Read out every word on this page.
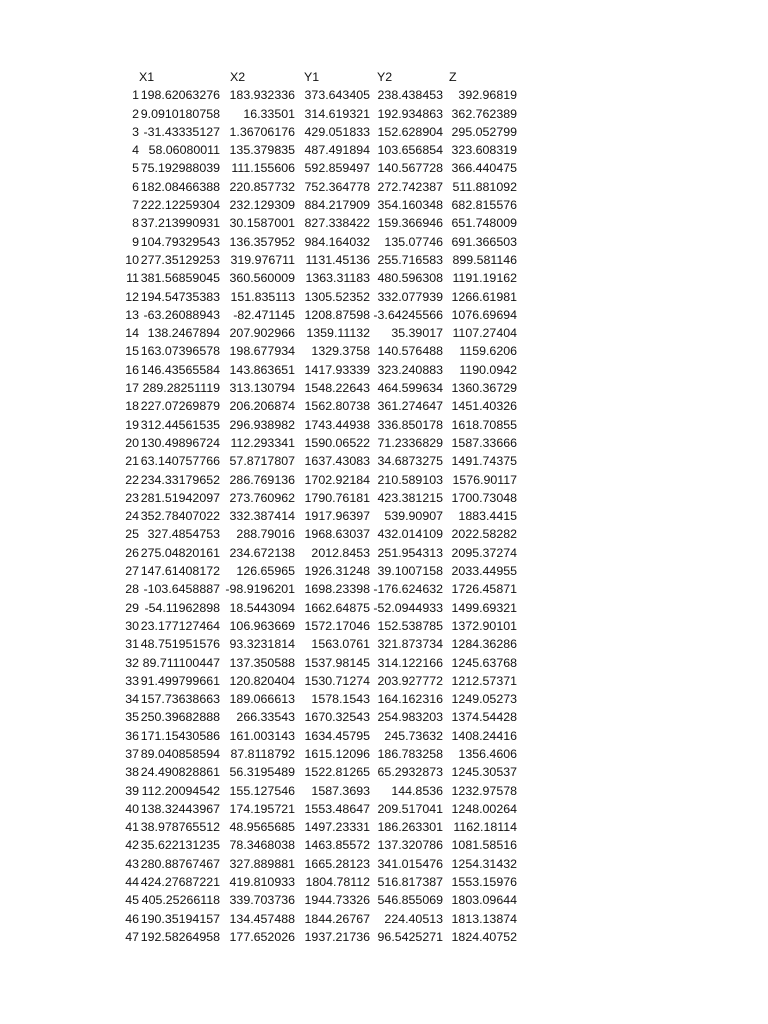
	X1	X2	Y1	Y2	Z
1	198.62063276	183.932336	373.643405	238.438453	392.96819
2	9.0910180758	16.33501	314.619321	192.934863	362.762389
3	-31.43335127	1.36706176	429.051833	152.628904	295.052799
4	58.06080011	135.379835	487.491894	103.656854	323.608319
5	75.192988039	111.155606	592.859497	140.567728	366.440475
6	182.08466388	220.857732	752.364778	272.742387	511.881092
7	222.12259304	232.129309	884.217909	354.160348	682.815576
8	37.213990931	30.1587001	827.338422	159.366946	651.748009
9	104.79329543	136.357952	984.164032	135.07746	691.366503
10	277.35129253	319.976711	1131.45136	255.716583	899.581146
11	381.56859045	360.560009	1363.31183	480.596308	1191.19162
12	194.54735383	151.835113	1305.52352	332.077939	1266.61981
13	-63.26088943	-82.471145	1208.87598	-3.64245566	1076.69694
14	138.2467894	207.902966	1359.11132	35.39017	1107.27404
15	163.07396578	198.677934	1329.3758	140.576488	1159.6206
16	146.43565584	143.863651	1417.93339	323.240883	1190.0942
17	289.28251119	313.130794	1548.22643	464.599634	1360.36729
18	227.07269879	206.206874	1562.80738	361.274647	1451.40326
19	312.44561535	296.938982	1743.44938	336.850178	1618.70855
20	130.49896724	112.293341	1590.06522	71.2336829	1587.33666
21	63.140757766	57.8717807	1637.43083	34.6873275	1491.74375
22	234.33179652	286.769136	1702.92184	210.589103	1576.90117
23	281.51942097	273.760962	1790.76181	423.381215	1700.73048
24	352.78407022	332.387414	1917.96397	539.90907	1883.4415
25	327.4854753	288.79016	1968.63037	432.014109	2022.58282
26	275.04820161	234.672138	2012.8453	251.954313	2095.37274
27	147.61408172	126.65965	1926.31248	39.1007158	2033.44955
28	-103.6458887	-98.9196201	1698.23398	-176.624632	1726.45871
29	-54.11962898	18.5443094	1662.64875	-52.0944933	1499.69321
30	23.177127464	106.963669	1572.17046	152.538785	1372.90101
31	48.751951576	93.3231814	1563.0761	321.873734	1284.36286
32	89.711100447	137.350588	1537.98145	314.122166	1245.63768
33	91.499799661	120.820404	1530.71274	203.927772	1212.57371
34	157.73638663	189.066613	1578.1543	164.162316	1249.05273
35	250.39682888	266.33543	1670.32543	254.983203	1374.54428
36	171.15430586	161.003143	1634.45795	245.73632	1408.24416
37	89.040858594	87.8118792	1615.12096	186.783258	1356.4606
38	24.490828861	56.3195489	1522.81265	65.2932873	1245.30537
39	112.20094542	155.127546	1587.3693	144.8536	1232.97578
40	138.32443967	174.195721	1553.48647	209.517041	1248.00264
41	38.978765512	48.9565685	1497.23331	186.263301	1162.18114
42	35.622131235	78.3468038	1463.85572	137.320786	1081.58516
43	280.88767467	327.889881	1665.28123	341.015476	1254.31432
44	424.27687221	419.810933	1804.78112	516.817387	1553.15976
45	405.25266118	339.703736	1944.73326	546.855069	1803.09644
46	190.35194157	134.457488	1844.26767	224.40513	1813.13874
47	192.58264958	177.652026	1937.21736	96.5425271	1824.40752
